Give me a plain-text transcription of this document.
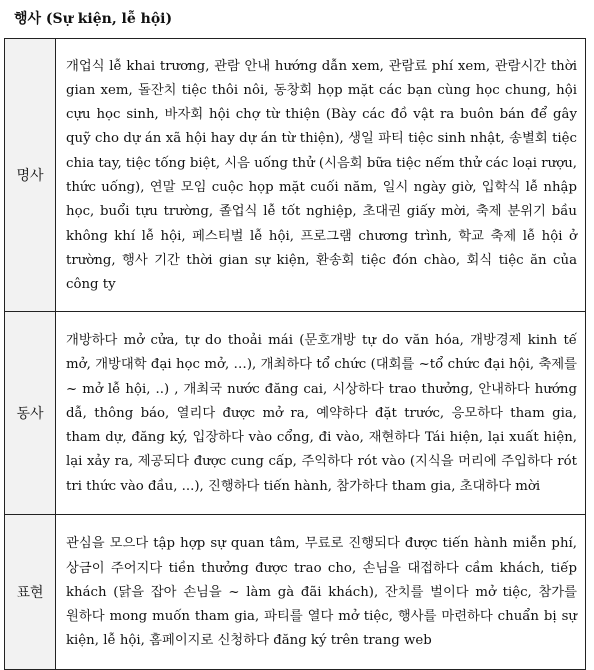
행사 (Sự kiện, lễ hội)
명사	개업식 lễ khai trương, 관람 안내 hướng dẫn xem, 관람료 phí xem, 관람시간 thời gian xem, 돌잔치 tiệc thôi nôi, 동창회 họp mặt các bạn cùng học chung, hội cựu học sinh, 바자회 hội chợ từ thiện (Bày các đồ vật ra buôn bán để gây quỹ cho dự án xã hội hay dự án từ thiện), 생일 파티 tiệc sinh nhật, 송별회 tiệc chia tay, tiệc tống biệt, 시음 uống thử (시음회 bữa tiệc nếm thử các loại rượu, thức uống), 연말 모임 cuộc họp mặt cuối năm, 일시 ngày giờ, 입학식 lễ nhập học, buổi tựu trường, 졸업식 lễ tốt nghiệp, 초대권 giấy mời, 축제 분위기 bầu không khí lễ hội, 페스티벌 lễ hội, 프로그램 chương trình, 학교 축제 lễ hội ở trường, 행사 기간 thời gian sự kiện, 환송회 tiệc đón chào, 회식 tiệc ăn của công ty
동사	개방하다 mở cửa, tự do thoải mái (문호개방 tự do văn hóa, 개방경제 kinh tế mở, 개방대학 đại học mở, …), 개최하다 tổ chức (대회를 ~tổ chức đại hội, 축제를 ~ mở lễ hội, ..) , 개최국 nước đăng cai, 시상하다 trao thưởng, 안내하다 hướng dẫ, thông báo, 열리다 được mở ra, 예약하다 đặt trước, 응모하다 tham gia, tham dự, đăng ký, 입장하다 vào cổng, đi vào, 재현하다 Tái hiện, lại xuất hiện, lại xảy ra, 제공되다 được cung cấp, 주익하다 rót vào (지식을 머리에 주입하다 rót tri thức vào đầu, ...), 진행하다 tiến hành, 참가하다 tham gia, 초대하다 mời
표현	관심을 모으다 tập hợp sự quan tâm, 무료로 진행되다 được tiến hành miễn phí, 상금이 주어지다 tiền thưởng được trao cho, 손님을 대접하다 cầm khách, tiếp khách (닭을 잡아 손님을 ~ làm gà đãi khách), 잔치를 벌이다 mở tiệc, 참가를 원하다 mong muốn tham gia, 파티를 열다 mở tiệc, 행사를 마련하다 chuẩn bị sự kiện, lễ hội, 홈페이지로 신청하다 đăng ký trên trang web
